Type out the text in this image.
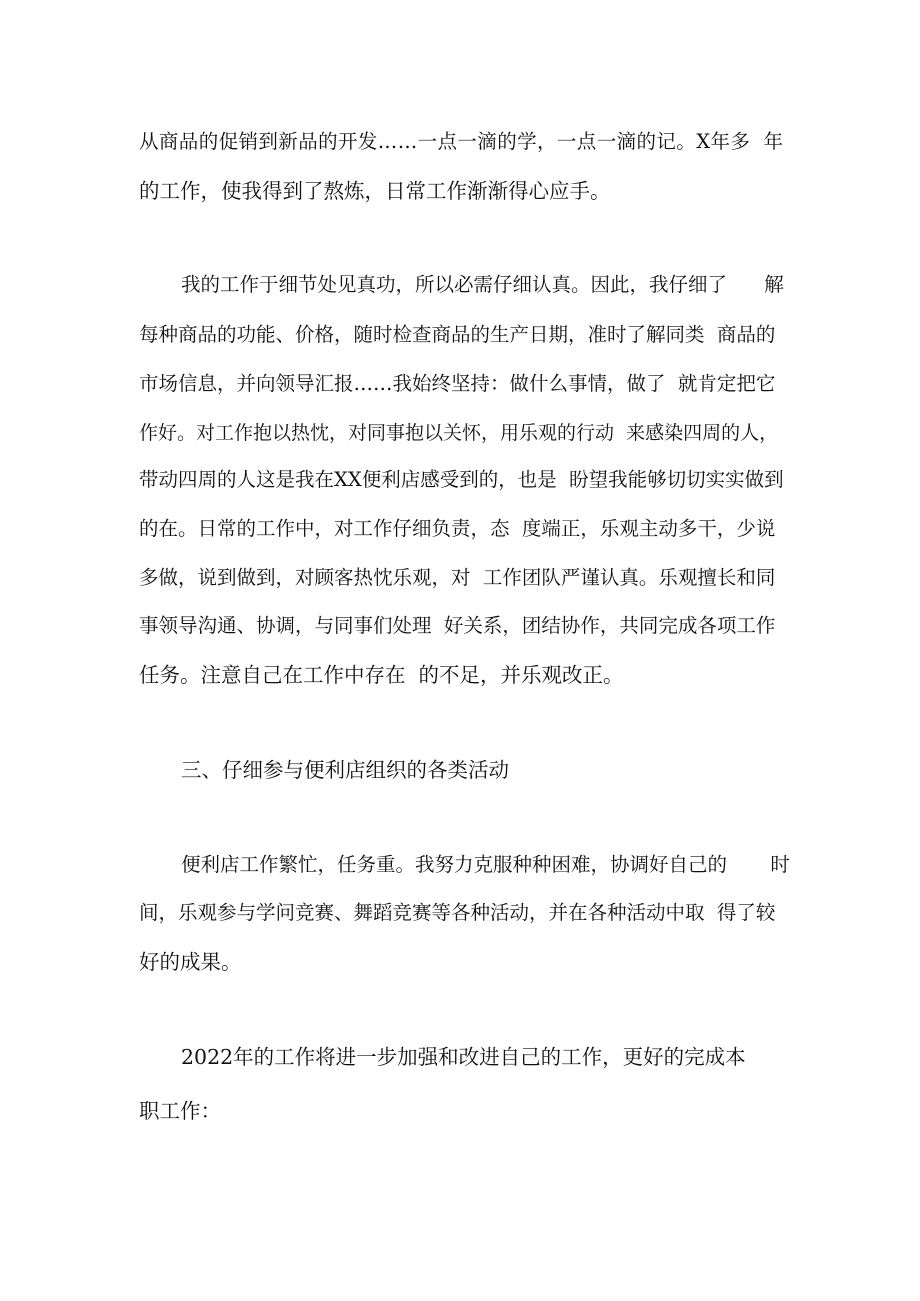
从商品的促销到新品的开发……一点一滴的学，一点一滴的记。X年多  年
的工作，使我得到了熬炼，日常工作渐渐得心应手。
我的工作于细节处见真功，所以必需仔细认真。因此，我仔细了      解
每种商品的功能、价格，随时检查商品的生产日期，准时了解同类  商品的
市场信息，并向领导汇报……我始终坚持：做什么事情，做了  就肯定把它
作好。对工作抱以热忱，对同事抱以关怀，用乐观的行动  来感染四周的人，
带动四周的人这是我在XX便利店感受到的，也是  盼望我能够切切实实做到
的在。日常的工作中，对工作仔细负责，态  度端正，乐观主动多干，少说
多做，说到做到，对顾客热忱乐观，对  工作团队严谨认真。乐观擅长和同
事领导沟通、协调，与同事们处理  好关系，团结协作，共同完成各项工作
任务。注意自己在工作中存在  的不足，并乐观改正。
三、仔细参与便利店组织的各类活动
便利店工作繁忙，任务重。我努力克服种种困难，协调好自己的       时
间，乐观参与学问竞赛、舞蹈竞赛等各种活动，并在各种活动中取  得了较
好的成果。
2022年的工作将进一步加强和改进自己的工作，更好的完成本
职工作：
